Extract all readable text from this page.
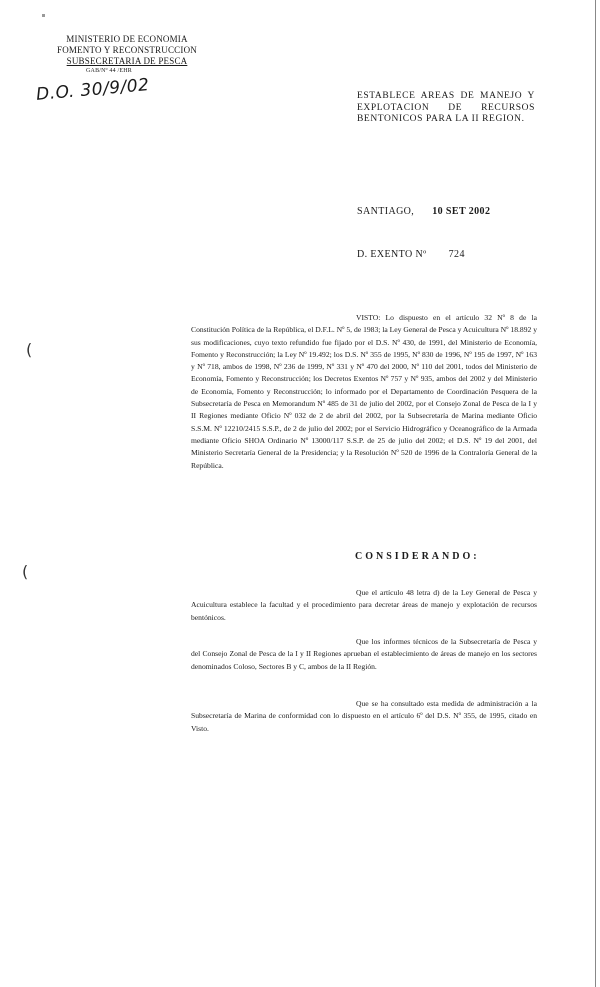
MINISTERIO DE ECONOMIA
FOMENTO Y RECONSTRUCCION
SUBSECRETARIA DE PESCA
GAB/Nº 44 /EHR
D.O. 30/9/02	ESTABLECE AREAS DE MANEJO Y
EXPLOTACION DE RECURSOS
BENTONICOS PARA LA II REGION.
SANTIAGO, 10 SET 2002
D. EXENTO Nº 724
VISTO: Lo dispuesto en el artículo 32 Nº 8 de la Constitución Política de la República, el D.F.L. Nº 5, de 1983; la Ley General de Pesca y Acuicultura Nº 18.892 y sus modificaciones, cuyo texto refundido fue fijado por el D.S. Nº 430, de 1991, del Ministerio de Economía, Fomento y Reconstrucción; la Ley Nº 19.492; los D.S. Nº 355 de 1995, Nº 830 de 1996, Nº 195 de 1997, Nº 163 y Nº 718, ambos de 1998, Nº 236 de 1999, Nº 331 y Nº 470 del 2000, Nº 110 del 2001, todos del Ministerio de Economía, Fomento y Reconstrucción; los Decretos Exentos Nº 757 y Nº 935, ambos del 2002 y del Ministerio de Economía, Fomento y Reconstrucción; lo informado por el Departamento de Coordinación Pesquera de la Subsecretaría de Pesca en Memorandum Nº 485 de 31 de julio del 2002, por el Consejo Zonal de Pesca de la I y II Regiones mediante Oficio Nº 032 de 2 de abril del 2002, por la Subsecretaría de Marina mediante Oficio S.S.M. Nº 12210/2415 S.S.P., de 2 de julio del 2002; por el Servicio Hidrográfico y Oceanográfico de la Armada mediante Oficio SHOA Ordinario Nº 13000/117 S.S.P. de 25 de julio del 2002; el D.S. Nº 19 del 2001, del Ministerio Secretaría General de la Presidencia; y la Resolución Nº 520 de 1996 de la Contraloría General de la República.
CONSIDERANDO:
Que el artículo 48 letra d) de la Ley General de Pesca y Acuicultura establece la facultad y el procedimiento para decretar áreas de manejo y explotación de recursos bentónicos.
Que los informes técnicos de la Subsecretaría de Pesca y del Consejo Zonal de Pesca de la I y II Regiones aprueban el establecimiento de áreas de manejo en los sectores denominados Coloso, Sectores B y C, ambos de la II Región.
Que se ha consultado esta medida de administración a la Subsecretaría de Marina de conformidad con lo dispuesto en el artículo 6º del D.S. Nº 355, de 1995, citado en Visto.
(
(
